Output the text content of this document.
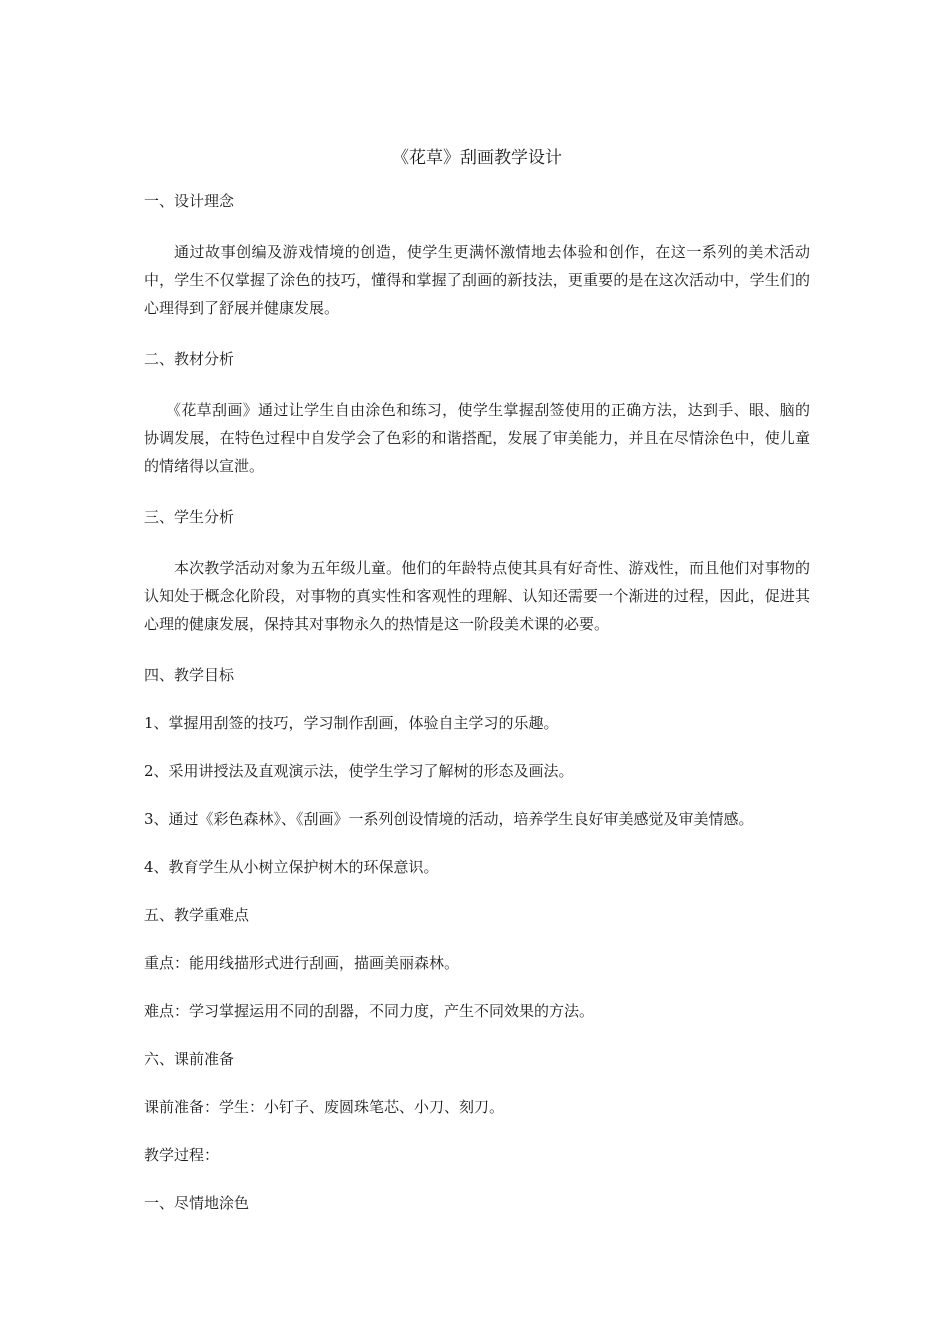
《花草》刮画教学设计
一、设计理念
通过故事创编及游戏情境的创造，使学生更满怀激情地去体验和创作，在这一系列的美术活动中，学生不仅掌握了涂色的技巧，懂得和掌握了刮画的新技法，更重要的是在这次活动中，学生们的心理得到了舒展并健康发展。
二、教材分析
《花草刮画》通过让学生自由涂色和练习，使学生掌握刮签使用的正确方法，达到手、眼、脑的协调发展，在特色过程中自发学会了色彩的和谐搭配，发展了审美能力，并且在尽情涂色中，使儿童的情绪得以宣泄。
三、学生分析
本次教学活动对象为五年级儿童。他们的年龄特点使其具有好奇性、游戏性，而且他们对事物的认知处于概念化阶段，对事物的真实性和客观性的理解、认知还需要一个渐进的过程，因此，促进其心理的健康发展，保持其对事物永久的热情是这一阶段美术课的必要。
四、教学目标
1、掌握用刮签的技巧，学习制作刮画，体验自主学习的乐趣。
2、采用讲授法及直观演示法，使学生学习了解树的形态及画法。
3、通过《彩色森林》、《刮画》一系列创设情境的活动，培养学生良好审美感觉及审美情感。
4、教育学生从小树立保护树木的环保意识。
五、教学重难点
重点：能用线描形式进行刮画，描画美丽森林。
难点：学习掌握运用不同的刮器，不同力度，产生不同效果的方法。
六、课前准备
课前准备：学生：小钉子、废圆珠笔芯、小刀、刻刀。
教学过程：
一、尽情地涂色
